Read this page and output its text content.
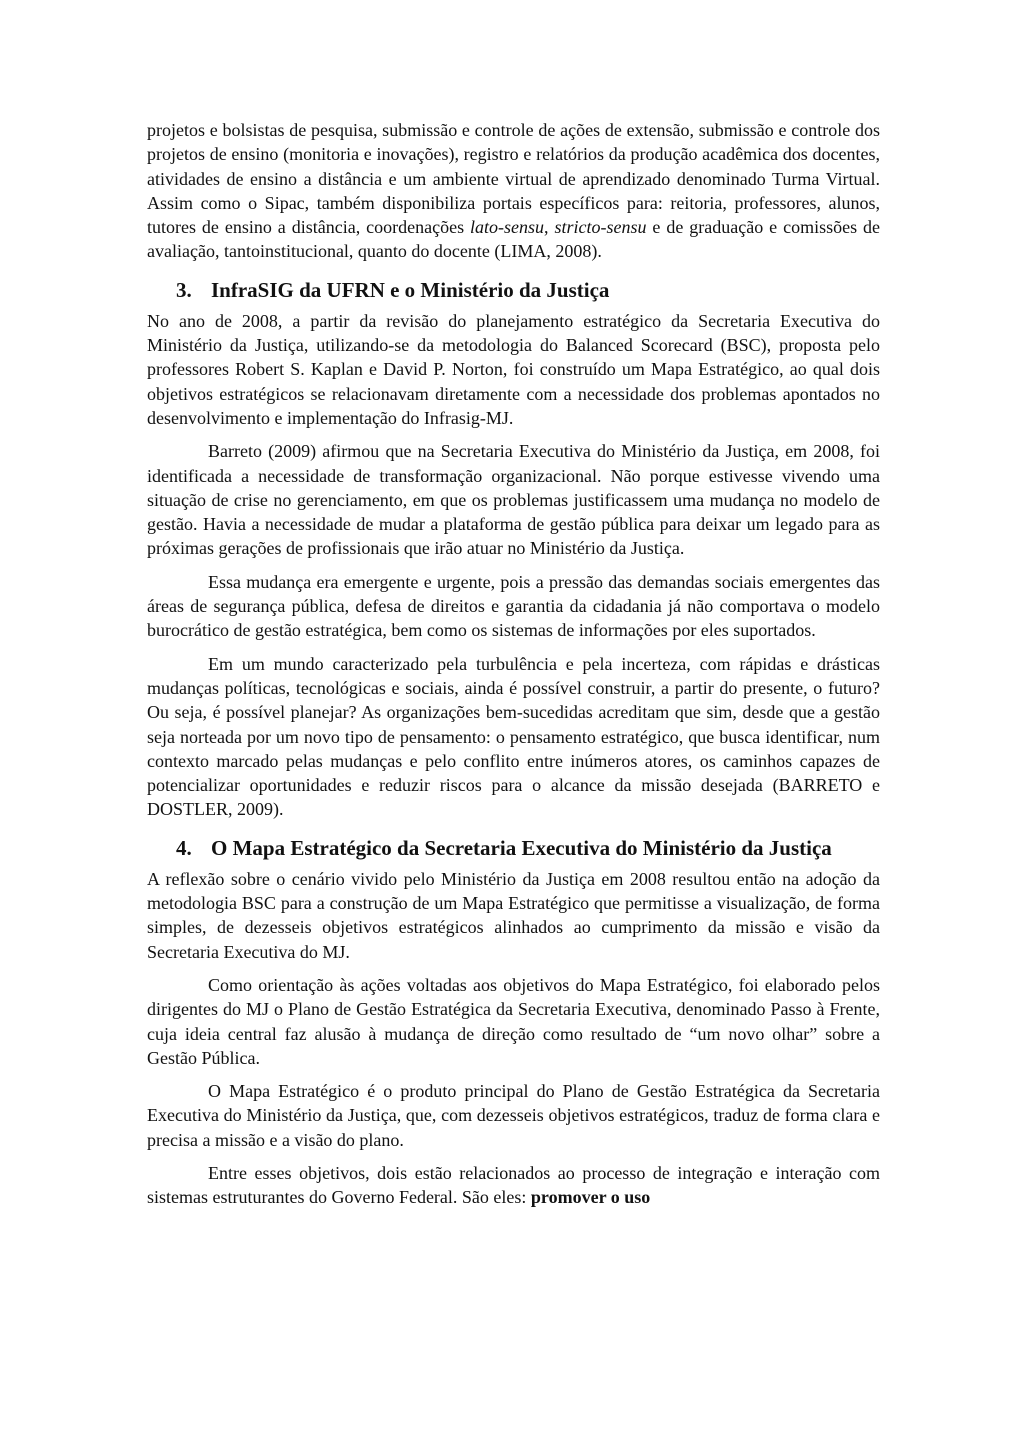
projetos e bolsistas de pesquisa, submissão e controle de ações de extensão, submissão e controle dos projetos de ensino (monitoria e inovações), registro e relatórios da produção acadêmica dos docentes, atividades de ensino a distância e um ambiente virtual de aprendizado denominado Turma Virtual. Assim como o Sipac, também disponibiliza portais específicos para: reitoria, professores, alunos, tutores de ensino a distância, coordenações lato-sensu, stricto-sensu e de graduação e comissões de avaliação, tantoinstitucional, quanto do docente (LIMA, 2008).

3. InfraSIG da UFRN e o Ministério da Justiça

No ano de 2008, a partir da revisão do planejamento estratégico da Secretaria Executiva do Ministério da Justiça, utilizando-se da metodologia do Balanced Scorecard (BSC), proposta pelo professores Robert S. Kaplan e David P. Norton, foi construído um Mapa Estratégico, ao qual dois objetivos estratégicos se relacionavam diretamente com a necessidade dos problemas apontados no desenvolvimento e implementação do Infrasig-MJ.

Barreto (2009) afirmou que na Secretaria Executiva do Ministério da Justiça, em 2008, foi identificada a necessidade de transformação organizacional. Não porque estivesse vivendo uma situação de crise no gerenciamento, em que os problemas justificassem uma mudança no modelo de gestão. Havia a necessidade de mudar a plataforma de gestão pública para deixar um legado para as próximas gerações de profissionais que irão atuar no Ministério da Justiça.

Essa mudança era emergente e urgente, pois a pressão das demandas sociais emergentes das áreas de segurança pública, defesa de direitos e garantia da cidadania já não comportava o modelo burocrático de gestão estratégica, bem como os sistemas de informações por eles suportados.

Em um mundo caracterizado pela turbulência e pela incerteza, com rápidas e drásticas mudanças políticas, tecnológicas e sociais, ainda é possível construir, a partir do presente, o futuro? Ou seja, é possível planejar? As organizações bem-sucedidas acreditam que sim, desde que a gestão seja norteada por um novo tipo de pensamento: o pensamento estratégico, que busca identificar, num contexto marcado pelas mudanças e pelo conflito entre inúmeros atores, os caminhos capazes de potencializar oportunidades e reduzir riscos para o alcance da missão desejada (BARRETO e DOSTLER, 2009).

4. O Mapa Estratégico da Secretaria Executiva do Ministério da Justiça

A reflexão sobre o cenário vivido pelo Ministério da Justiça em 2008 resultou então na adoção da metodologia BSC para a construção de um Mapa Estratégico que permitisse a visualização, de forma simples, de dezesseis objetivos estratégicos alinhados ao cumprimento da missão e visão da Secretaria Executiva do MJ.

Como orientação às ações voltadas aos objetivos do Mapa Estratégico, foi elaborado pelos dirigentes do MJ o Plano de Gestão Estratégica da Secretaria Executiva, denominado Passo à Frente, cuja ideia central faz alusão à mudança de direção como resultado de “um novo olhar” sobre a Gestão Pública.

O Mapa Estratégico é o produto principal do Plano de Gestão Estratégica da Secretaria Executiva do Ministério da Justiça, que, com dezesseis objetivos estratégicos, traduz de forma clara e precisa a missão e a visão do plano.

Entre esses objetivos, dois estão relacionados ao processo de integração e interação com sistemas estruturantes do Governo Federal. São eles: promover o uso
